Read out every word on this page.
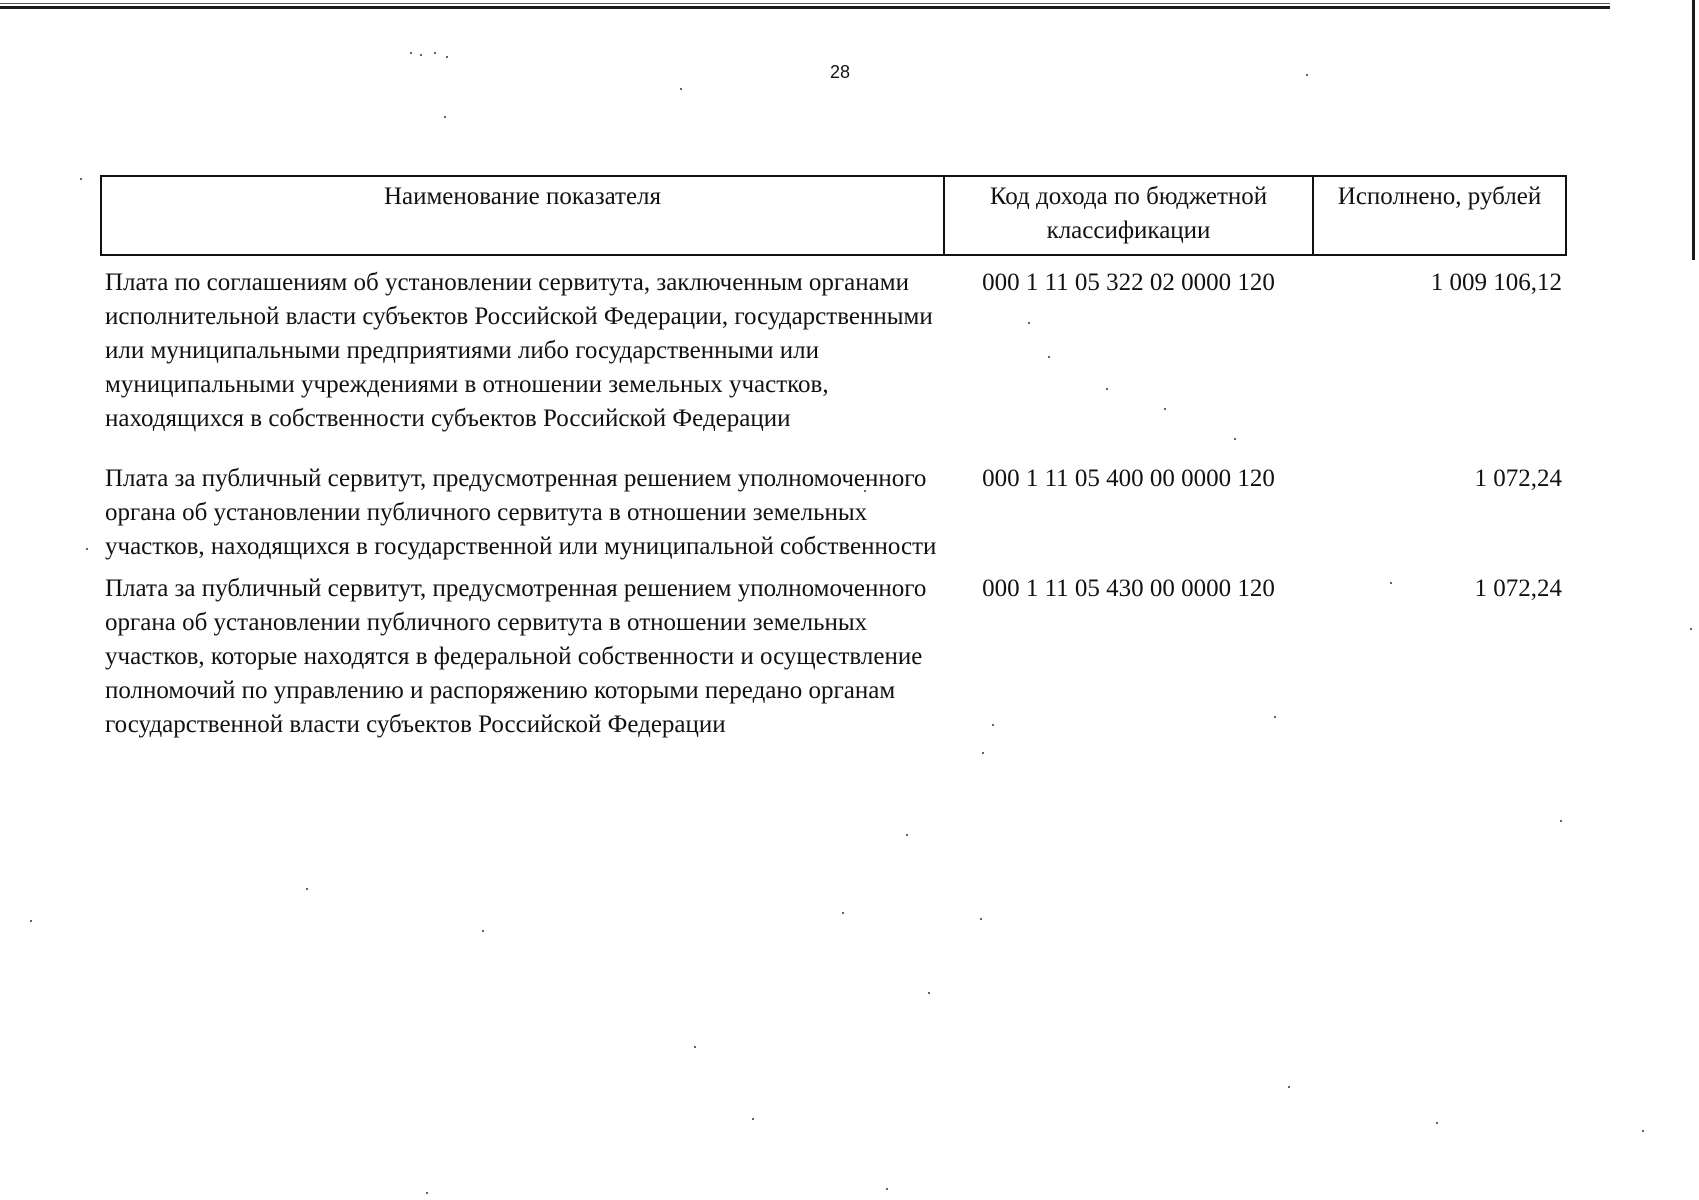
28
Наименование показателя	Код дохода по бюджетной классификации	Исполнено, рублей

Плата по соглашениям об установлении сервитута, заключенным органами исполнительной власти субъектов Российской Федерации, государственными или муниципальными предприятиями либо государственными или муниципальными учреждениями в отношении земельных участков, находящихся в собственности субъектов Российской Федерации	000 1 11 05 322 02 0000 120	1 009 106,12

Плата за публичный сервитут, предусмотренная решением уполномоченного органа об установлении публичного сервитута в отношении земельных участков, находящихся в государственной или муниципальной собственности	000 1 11 05 400 00 0000 120	1 072,24

Плата за публичный сервитут, предусмотренная решением уполномоченного органа об установлении публичного сервитута в отношении земельных участков, которые находятся в федеральной собственности и осуществление полномочий по управлению и распоряжению которыми передано органам государственной власти субъектов Российской Федерации	000 1 11 05 430 00 0000 120	1 072,24
